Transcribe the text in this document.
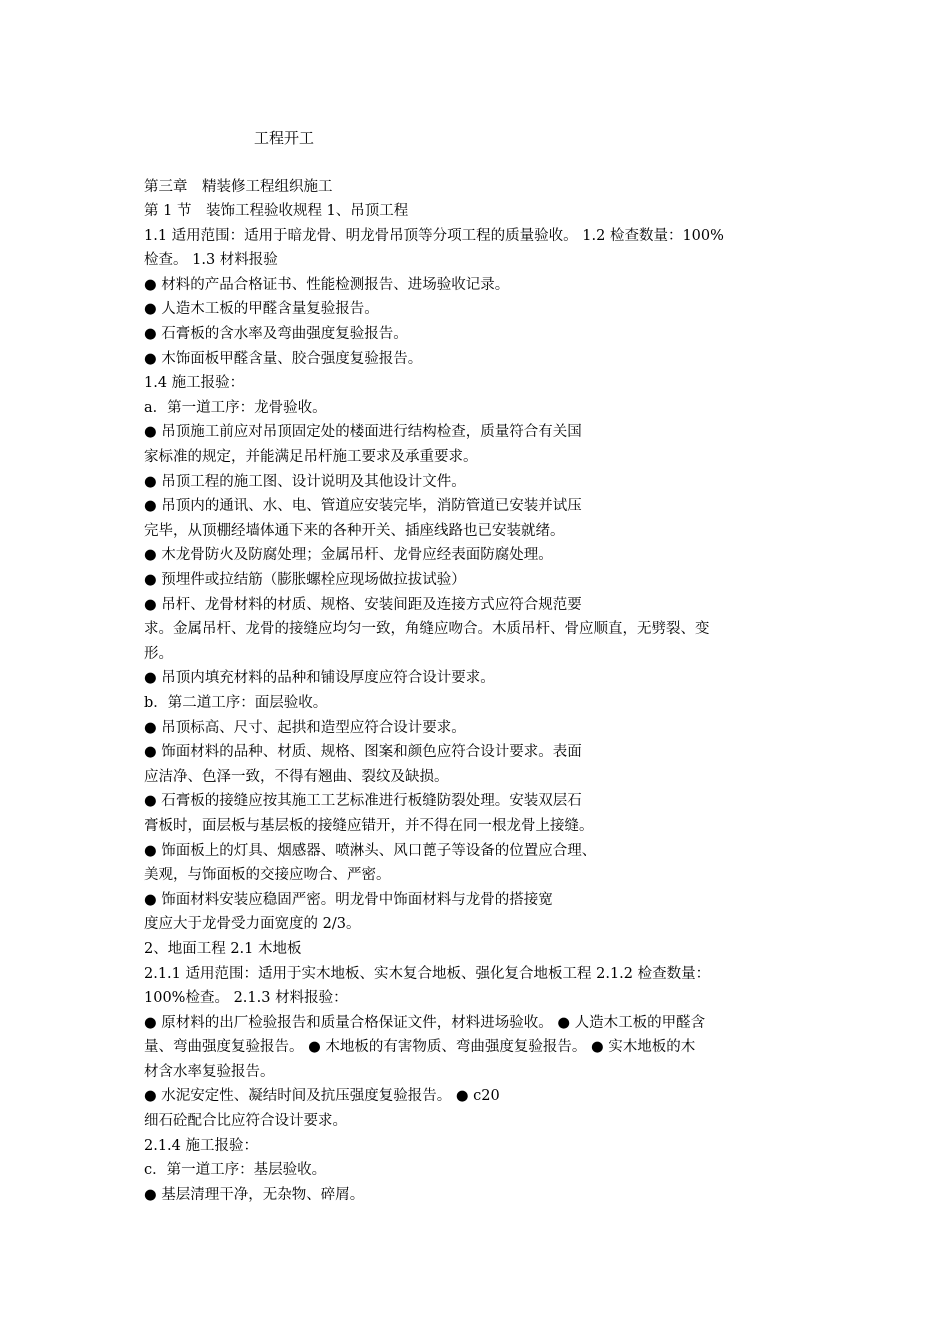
工程开工
第三章　精装修工程组织施工
第 1 节　装饰工程验收规程 1、吊顶工程
1.1 适用范围：适用于暗龙骨、明龙骨吊顶等分项工程的质量验收。 1.2 检查数量：100%
检查。 1.3 材料报验
● 材料的产品合格证书、性能检测报告、进场验收记录。
● 人造木工板的甲醛含量复验报告。
● 石膏板的含水率及弯曲强度复验报告。
● 木饰面板甲醛含量、胶合强度复验报告。
1.4 施工报验：
a．第一道工序：龙骨验收。
● 吊顶施工前应对吊顶固定处的楼面进行结构检查，质量符合有关国
家标准的规定，并能满足吊杆施工要求及承重要求。
● 吊顶工程的施工图、设计说明及其他设计文件。
● 吊顶内的通讯、水、电、管道应安装完毕，消防管道已安装并试压
完毕，从顶棚经墙体通下来的各种开关、插座线路也已安装就绪。
● 木龙骨防火及防腐处理；金属吊杆、龙骨应经表面防腐处理。
● 预埋件或拉结筋（膨胀螺栓应现场做拉拔试验）
● 吊杆、龙骨材料的材质、规格、安装间距及连接方式应符合规范要
求。金属吊杆、龙骨的接缝应均匀一致，角缝应吻合。木质吊杆、骨应顺直，无劈裂、变
形。
● 吊顶内填充材料的品种和铺设厚度应符合设计要求。
b．第二道工序：面层验收。
● 吊顶标高、尺寸、起拱和造型应符合设计要求。
● 饰面材料的品种、材质、规格、图案和颜色应符合设计要求。表面
应洁净、色泽一致，不得有翘曲、裂纹及缺损。
● 石膏板的接缝应按其施工工艺标准进行板缝防裂处理。安装双层石
膏板时，面层板与基层板的接缝应错开，并不得在同一根龙骨上接缝。
● 饰面板上的灯具、烟感器、喷淋头、风口蓖子等设备的位置应合理、
美观，与饰面板的交接应吻合、严密。
● 饰面材料安装应稳固严密。明龙骨中饰面材料与龙骨的搭接宽
度应大于龙骨受力面宽度的 2/3。
2、地面工程 2.1 木地板
2.1.1 适用范围：适用于实木地板、实木复合地板、强化复合地板工程 2.1.2 检查数量：
100%检查。 2.1.3 材料报验：
● 原材料的出厂检验报告和质量合格保证文件，材料进场验收。 ● 人造木工板的甲醛含
量、弯曲强度复验报告。 ● 木地板的有害物质、弯曲强度复验报告。 ● 实木地板的木
材含水率复验报告。
● 水泥安定性、凝结时间及抗压强度复验报告。 ● c20
细石砼配合比应符合设计要求。
2.1.4 施工报验：
c．第一道工序：基层验收。
● 基层清理干净，无杂物、碎屑。
